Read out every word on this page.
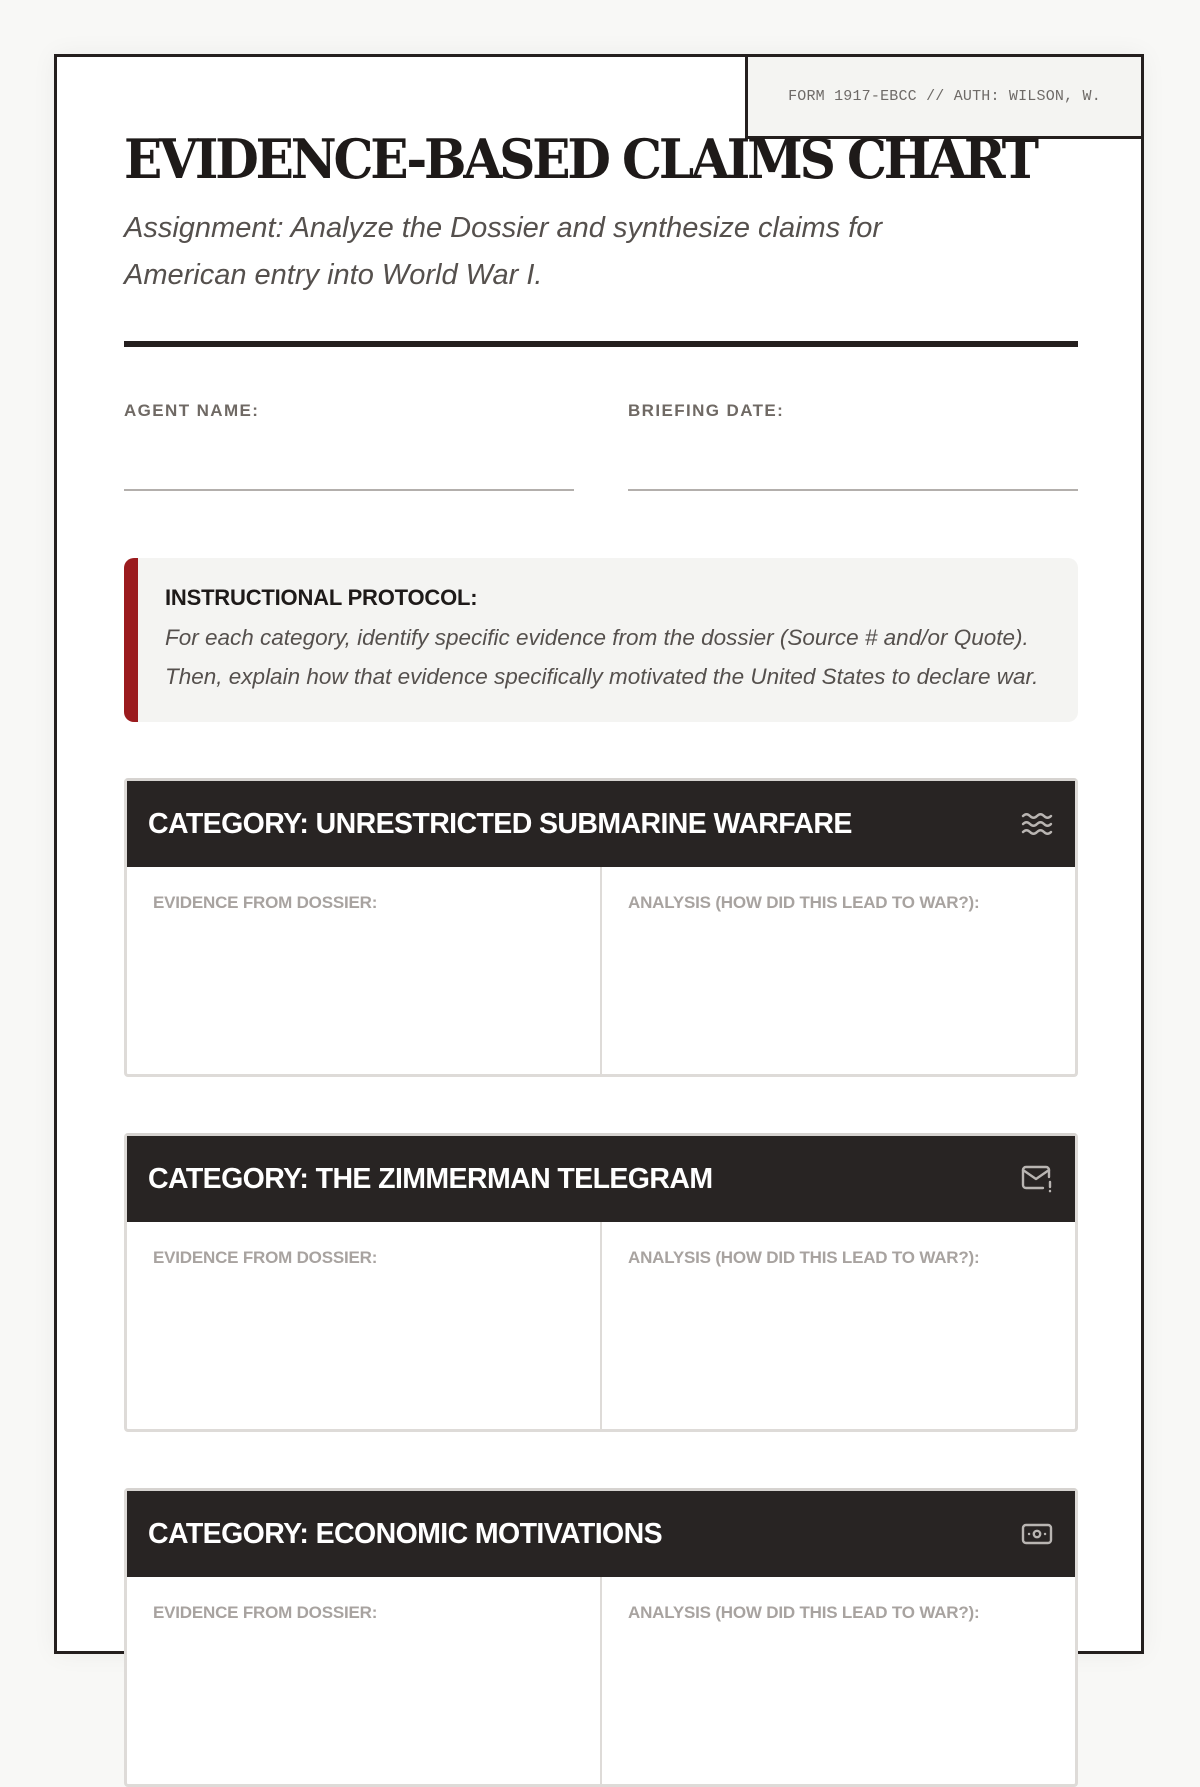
FORM 1917-EBCC // AUTH: WILSON, W.
EVIDENCE-BASED CLAIMS CHART
Assignment: Analyze the Dossier and synthesize claims for American entry into World War I.
AGENT NAME:	BRIEFING DATE:
INSTRUCTIONAL PROTOCOL:
For each category, identify specific evidence from the dossier (Source # and/or Quote). Then, explain how that evidence specifically motivated the United States to declare war.
CATEGORY: UNRESTRICTED SUBMARINE WARFARE
EVIDENCE FROM DOSSIER:	ANALYSIS (HOW DID THIS LEAD TO WAR?):
CATEGORY: THE ZIMMERMAN TELEGRAM
EVIDENCE FROM DOSSIER:	ANALYSIS (HOW DID THIS LEAD TO WAR?):
CATEGORY: ECONOMIC MOTIVATIONS
EVIDENCE FROM DOSSIER:	ANALYSIS (HOW DID THIS LEAD TO WAR?):
